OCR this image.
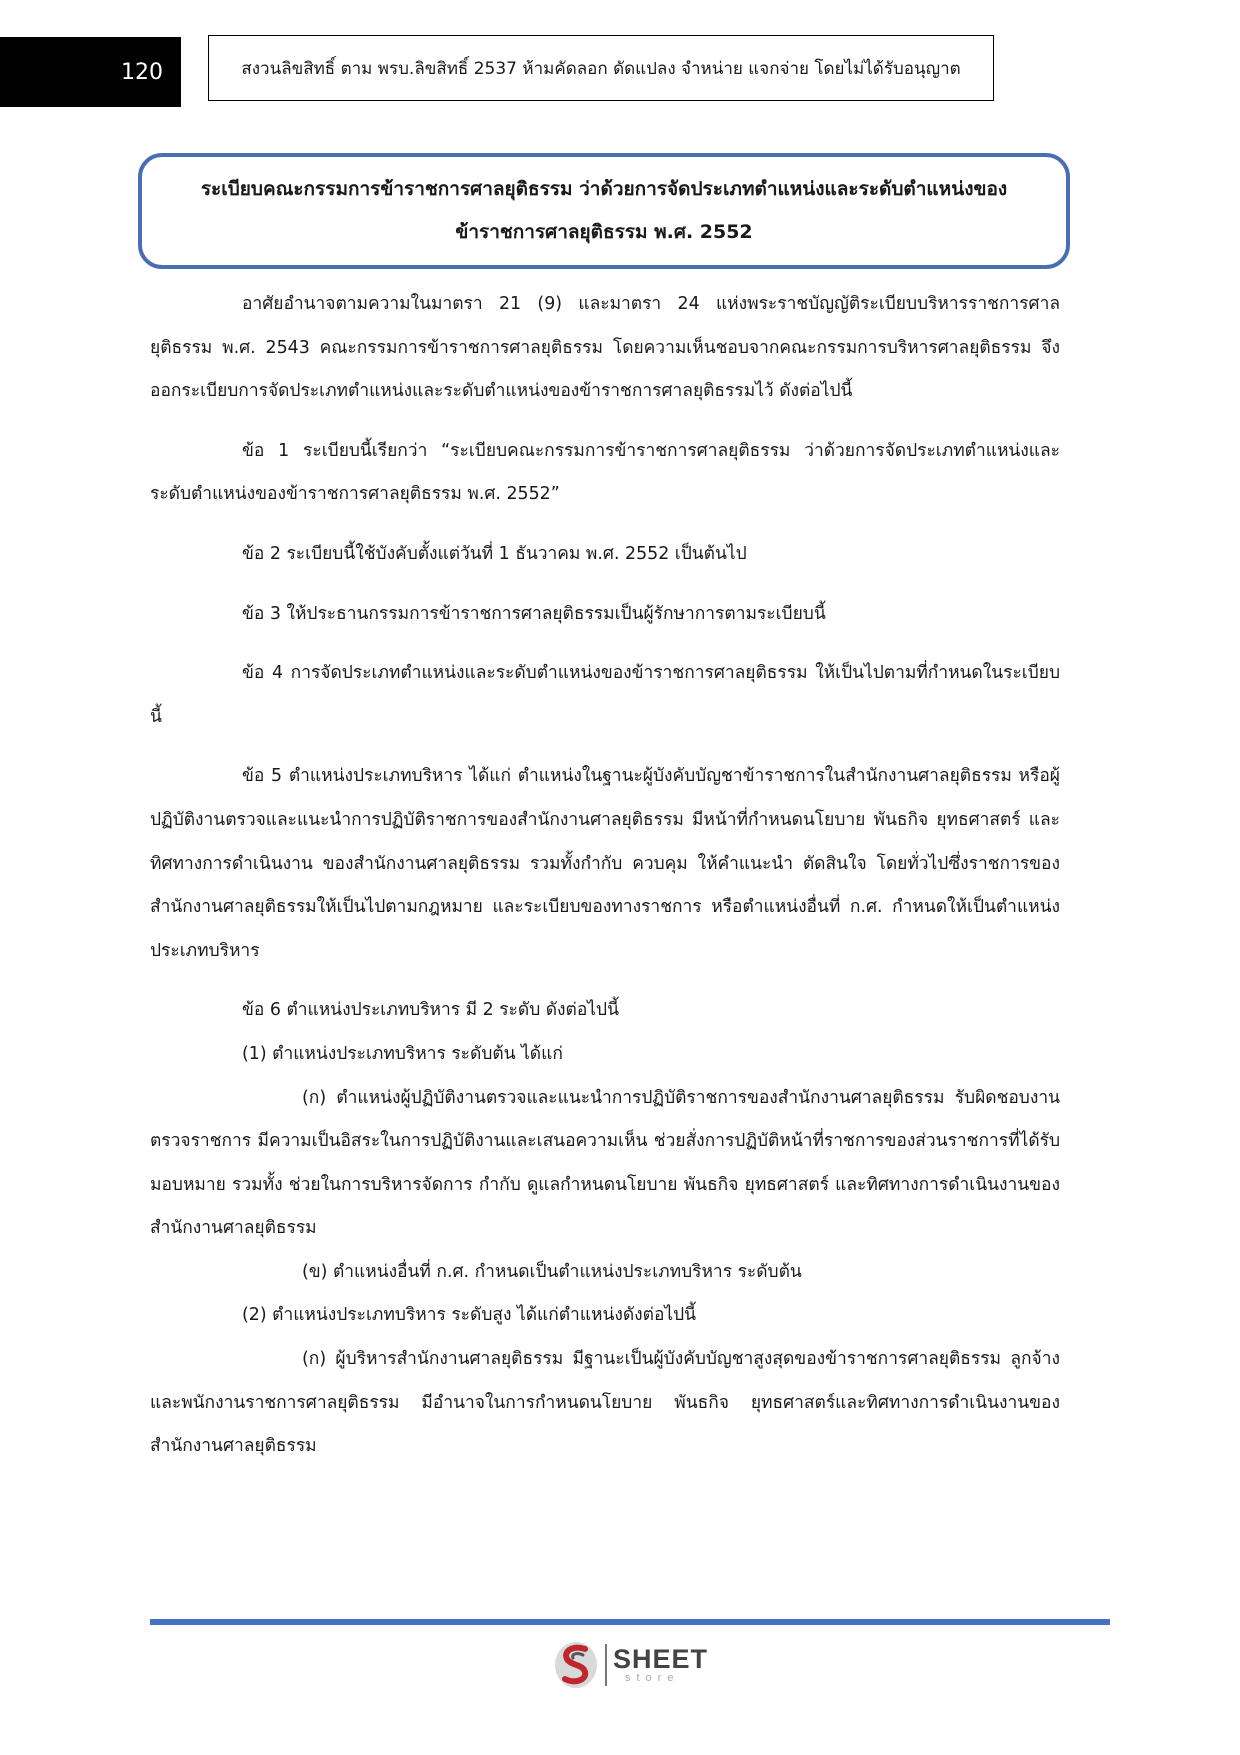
120	สงวนลิขสิทธิ์ ตาม พรบ.ลิขสิทธิ์ 2537 ห้ามคัดลอก ดัดแปลง จำหน่าย แจกจ่าย โดยไม่ได้รับอนุญาต
ระเบียบคณะกรรมการข้าราชการศาลยุติธรรม ว่าด้วยการจัดประเภทตำแหน่งและระดับตำแหน่งของ
ข้าราชการศาลยุติธรรม พ.ศ. 2552

อาศัยอำนาจตามความในมาตรา 21 (9) และมาตรา 24 แห่งพระราชบัญญัติระเบียบบริหารราชการศาลยุติธรรม พ.ศ. 2543 คณะกรรมการข้าราชการศาลยุติธรรม โดยความเห็นชอบจากคณะกรรมการบริหารศาลยุติธรรม จึงออกระเบียบการจัดประเภทตำแหน่งและระดับตำแหน่งของข้าราชการศาลยุติธรรมไว้ ดังต่อไปนี้

ข้อ 1 ระเบียบนี้เรียกว่า “ระเบียบคณะกรรมการข้าราชการศาลยุติธรรม ว่าด้วยการจัดประเภทตำแหน่งและระดับตำแหน่งของข้าราชการศาลยุติธรรม พ.ศ. 2552”

ข้อ 2 ระเบียบนี้ใช้บังคับตั้งแต่วันที่ 1 ธันวาคม พ.ศ. 2552 เป็นต้นไป

ข้อ 3 ให้ประธานกรรมการข้าราชการศาลยุติธรรมเป็นผู้รักษาการตามระเบียบนี้

ข้อ 4 การจัดประเภทตำแหน่งและระดับตำแหน่งของข้าราชการศาลยุติธรรม ให้เป็นไปตามที่กำหนดในระเบียบนี้

ข้อ 5 ตำแหน่งประเภทบริหาร ได้แก่ ตำแหน่งในฐานะผู้บังคับบัญชาข้าราชการในสำนักงานศาลยุติธรรม หรือผู้ปฏิบัติงานตรวจและแนะนำการปฏิบัติราชการของสำนักงานศาลยุติธรรม มีหน้าที่กำหนดนโยบาย พันธกิจ ยุทธศาสตร์ และทิศทางการดำเนินงาน ของสำนักงานศาลยุติธรรม รวมทั้งกำกับ ควบคุม ให้คำแนะนำ ตัดสินใจ โดยทั่วไปซึ่งราชการของสำนักงานศาลยุติธรรมให้เป็นไปตามกฎหมาย และระเบียบของทางราชการ หรือตำแหน่งอื่นที่ ก.ศ. กำหนดให้เป็นตำแหน่งประเภทบริหาร

ข้อ 6 ตำแหน่งประเภทบริหาร มี 2 ระดับ ดังต่อไปนี้

(1) ตำแหน่งประเภทบริหาร ระดับต้น ได้แก่

(ก) ตำแหน่งผู้ปฏิบัติงานตรวจและแนะนำการปฏิบัติราชการของสำนักงานศาลยุติธรรม รับผิดชอบงานตรวจราชการ มีความเป็นอิสระในการปฏิบัติงานและเสนอความเห็น ช่วยสั่งการปฏิบัติหน้าที่ราชการของส่วนราชการที่ได้รับมอบหมาย รวมทั้ง ช่วยในการบริหารจัดการ กำกับ ดูแลกำหนดนโยบาย พันธกิจ ยุทธศาสตร์ และทิศทางการดำเนินงานของสำนักงานศาลยุติธรรม

(ข) ตำแหน่งอื่นที่ ก.ศ. กำหนดเป็นตำแหน่งประเภทบริหาร ระดับต้น

(2) ตำแหน่งประเภทบริหาร ระดับสูง ได้แก่ตำแหน่งดังต่อไปนี้

(ก) ผู้บริหารสำนักงานศาลยุติธรรม มีฐานะเป็นผู้บังคับบัญชาสูงสุดของข้าราชการศาลยุติธรรม ลูกจ้าง และพนักงานราชการศาลยุติธรรม มีอำนาจในการกำหนดนโยบาย พันธกิจ ยุทธศาสตร์และทิศทางการดำเนินงานของสำนักงานศาลยุติธรรม

SHEET
store
